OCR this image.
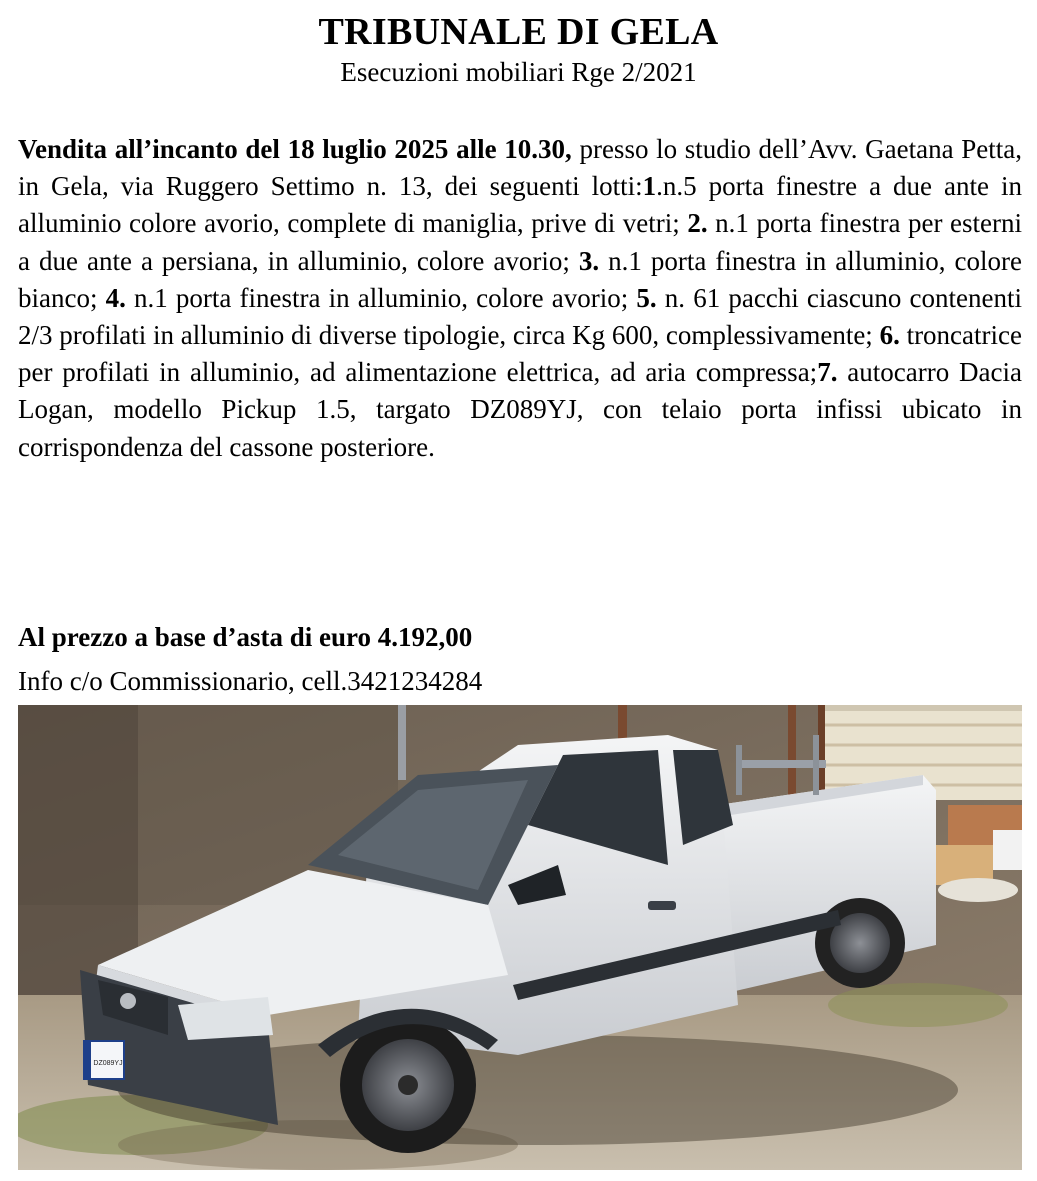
TRIBUNALE DI GELA
Esecuzioni mobiliari Rge 2/2021
Vendita all’incanto del 18 luglio 2025 alle 10.30, presso lo studio dell’Avv. Gaetana Petta, in Gela, via Ruggero Settimo n. 13, dei seguenti lotti:1.n.5 porta finestre a due ante in alluminio colore avorio, complete di maniglia, prive di vetri; 2. n.1 porta finestra per esterni a due ante a persiana, in alluminio, colore avorio; 3. n.1 porta finestra in alluminio, colore bianco; 4. n.1 porta finestra in alluminio, colore avorio; 5. n. 61 pacchi ciascuno contenenti 2/3 profilati in alluminio di diverse tipologie, circa Kg 600, complessivamente; 6. troncatrice per profilati in alluminio, ad alimentazione elettrica, ad aria compressa;7. autocarro Dacia Logan, modello Pickup 1.5, targato DZ089YJ, con telaio porta infissi ubicato in corrispondenza del cassone posteriore.
Al prezzo a base d’asta di euro 4.192,00
Info c/o Commissionario, cell.3421234284
DZ089YJ
